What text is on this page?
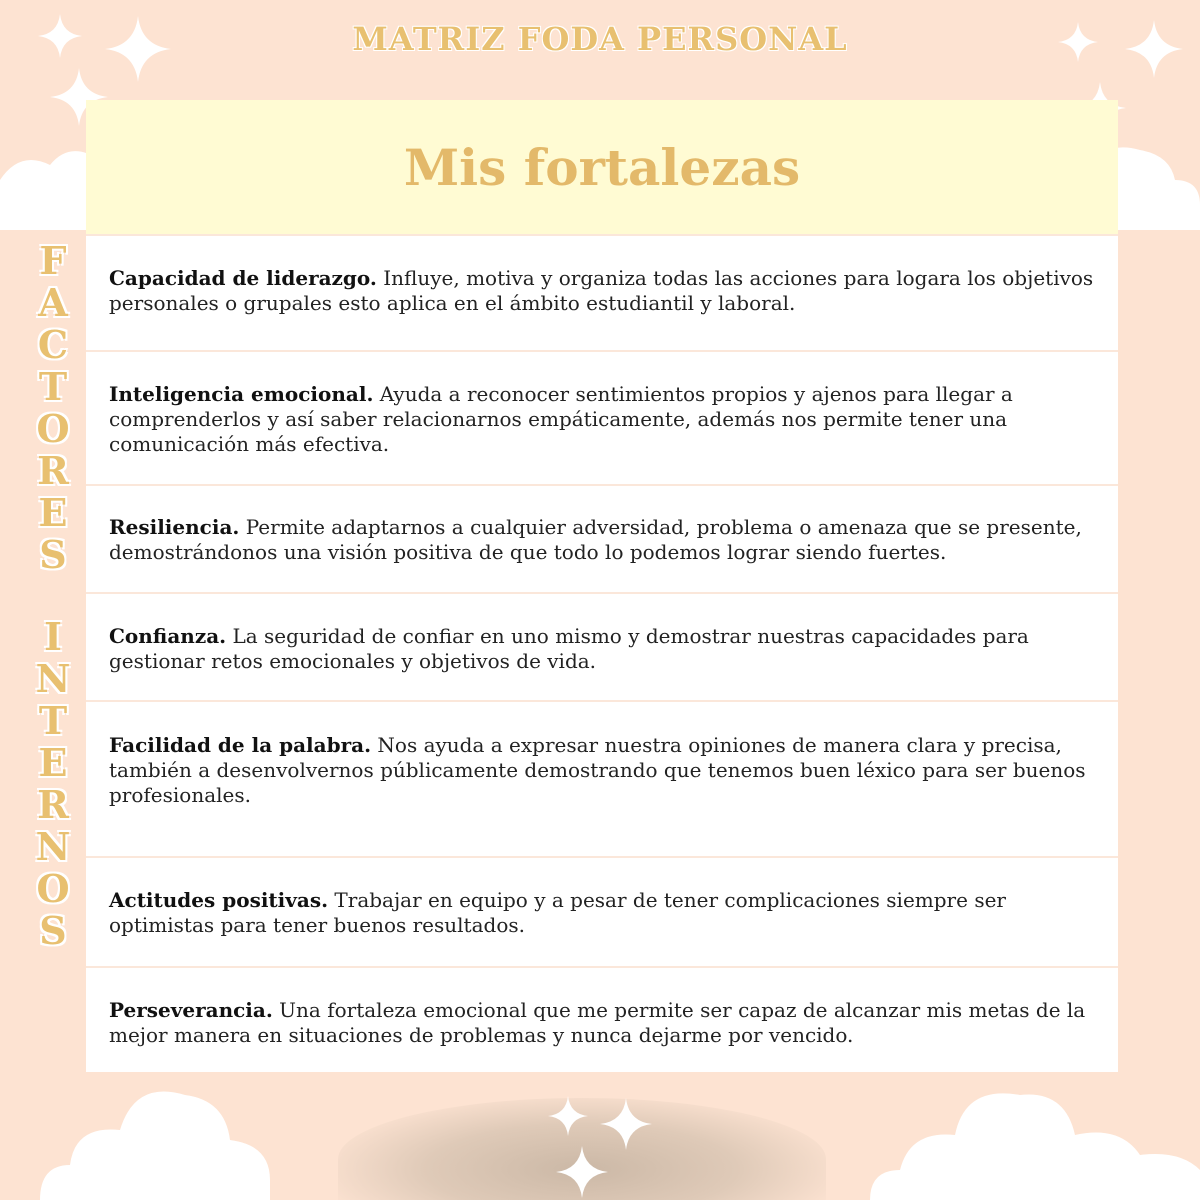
MATRIZ FODA PERSONAL
F
A
C
T
O
R
E
S
I
N
T
E
R
N
O
S
Mis fortalezas

Capacidad de liderazgo. Influye, motiva y organiza todas las acciones para logara los objetivos personales o grupales esto aplica en el ámbito estudiantil y laboral.

Inteligencia emocional. Ayuda a reconocer sentimientos propios y ajenos para llegar a comprenderlos y así saber relacionarnos empáticamente, además nos permite tener una comunicación más efectiva.

Resiliencia. Permite adaptarnos a cualquier adversidad, problema o amenaza que se presente, demostrándonos una visión positiva de que todo lo podemos lograr siendo fuertes.

Confianza. La seguridad de confiar en uno mismo y demostrar nuestras capacidades para gestionar retos emocionales y objetivos de vida.

Facilidad de la palabra. Nos ayuda a expresar nuestra opiniones de manera clara y precisa, también a desenvolvernos públicamente demostrando que tenemos buen léxico para ser buenos profesionales.

Actitudes positivas. Trabajar en equipo y a pesar de tener complicaciones siempre ser optimistas para tener buenos resultados.

Perseverancia. Una fortaleza emocional que me permite ser capaz de alcanzar mis metas de la mejor manera en situaciones de problemas y nunca dejarme por vencido.
